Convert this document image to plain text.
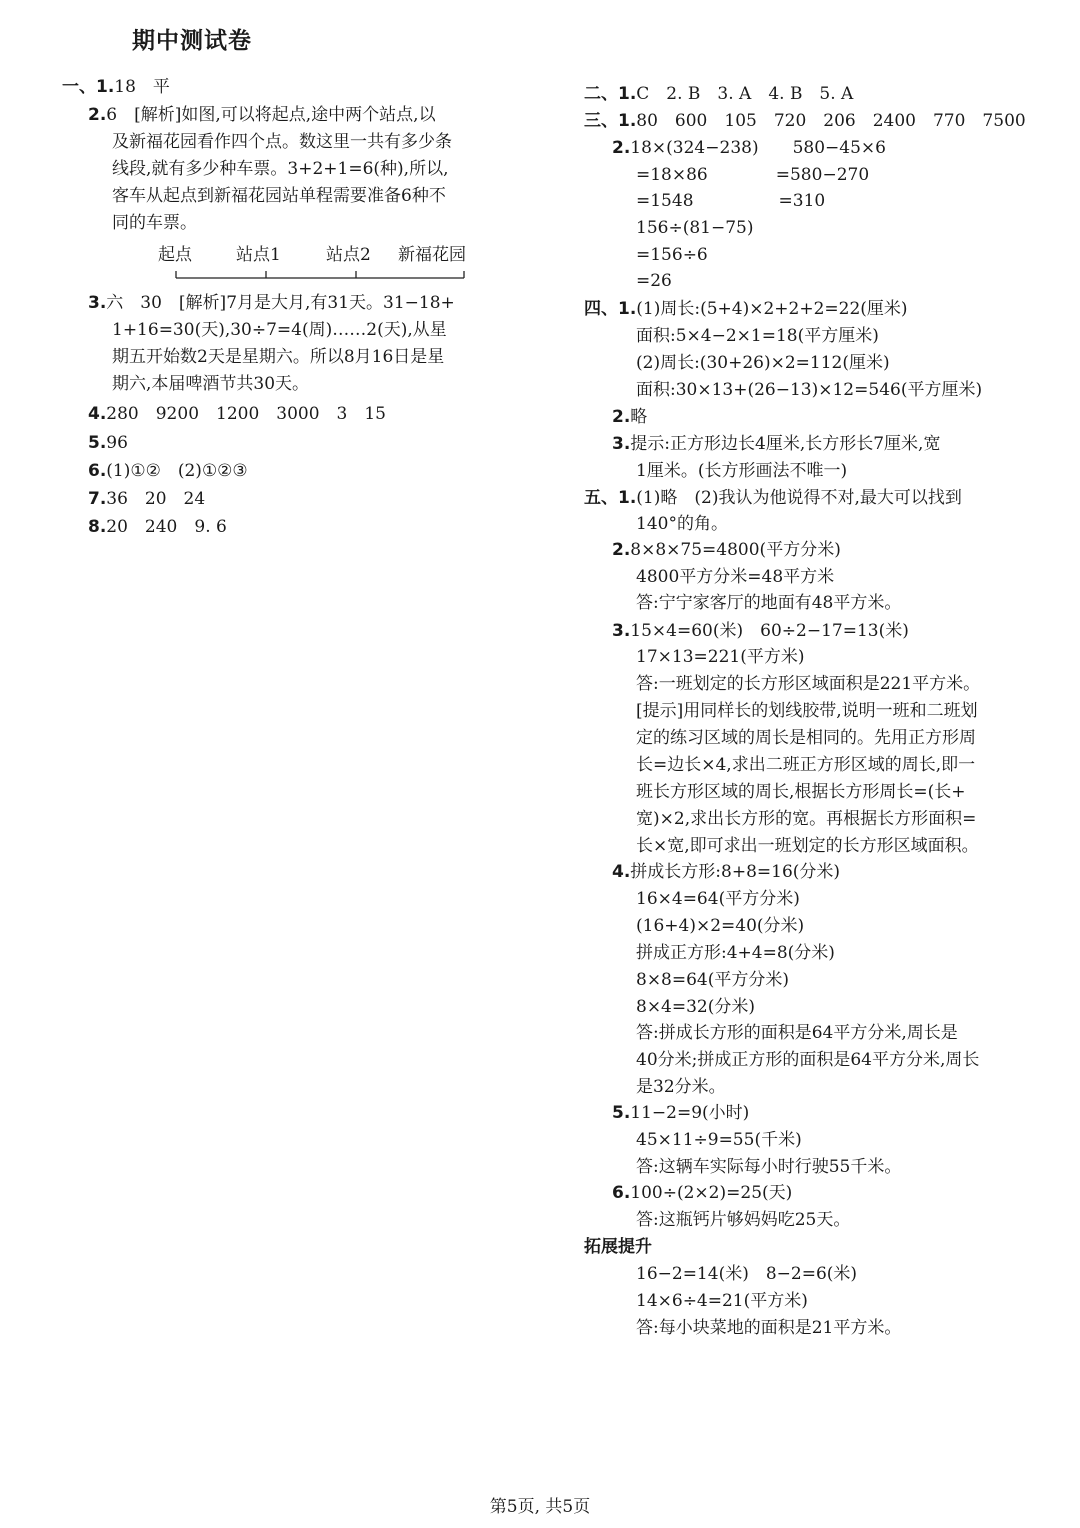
期中测试卷
一、1.18　平
2.6　[解析]如图,可以将起点,途中两个站点,以
及新福花园看作四个点。数这里一共有多少条
线段,就有多少种车票。3+2+1=6(种),所以,
客车从起点到新福花园站单程需要准备6种不
同的车票。
3.六　30　[解析]7月是大月,有31天。31−18+
1+16=30(天),30÷7=4(周)……2(天),从星
期五开始数2天是星期六。所以8月16日是星
期六,本届啤酒节共30天。
4.280　9200　1200　3000　3　15
5.96
6.(1)①②　(2)①②③
7.36　20　24
8.20　240　9. 6
起点	站点1	站点2 新福花园
二、1.C　2. B　3. A　4. B　5. A
三、1.80　600　105　720　206　2400　770　7500
2.18×(324−238)　　580−45×6
=18×86　　　　=580−270
=1548　　　　　=310
156÷(81−75)
=156÷6
=26
四、1.(1)周长:(5+4)×2+2+2=22(厘米)
面积:5×4−2×1=18(平方厘米)
(2)周长:(30+26)×2=112(厘米)
面积:30×13+(26−13)×12=546(平方厘米)
2.略
3.提示:正方形边长4厘米,长方形长7厘米,宽
1厘米。(长方形画法不唯一)
五、1.(1)略　(2)我认为他说得不对,最大可以找到
140°的角。
2.8×8×75=4800(平方分米)
4800平方分米=48平方米
答:宁宁家客厅的地面有48平方米。
3.15×4=60(米)　60÷2−17=13(米)
17×13=221(平方米)
答:一班划定的长方形区域面积是221平方米。
[提示]用同样长的划线胶带,说明一班和二班划
定的练习区域的周长是相同的。先用正方形周
长=边长×4,求出二班正方形区域的周长,即一
班长方形区域的周长,根据长方形周长=(长+
宽)×2,求出长方形的宽。再根据长方形面积=
长×宽,即可求出一班划定的长方形区域面积。
4.拼成长方形:8+8=16(分米)
16×4=64(平方分米)
(16+4)×2=40(分米)
拼成正方形:4+4=8(分米)
8×8=64(平方分米)
8×4=32(分米)
答:拼成长方形的面积是64平方分米,周长是
40分米;拼成正方形的面积是64平方分米,周长
是32分米。
5.11−2=9(小时)
45×11÷9=55(千米)
答:这辆车实际每小时行驶55千米。
6.100÷(2×2)=25(天)
答:这瓶钙片够妈妈吃25天。
拓展提升
16−2=14(米)　8−2=6(米)
14×6÷4=21(平方米)
答:每小块菜地的面积是21平方米。
第5页, 共5页
